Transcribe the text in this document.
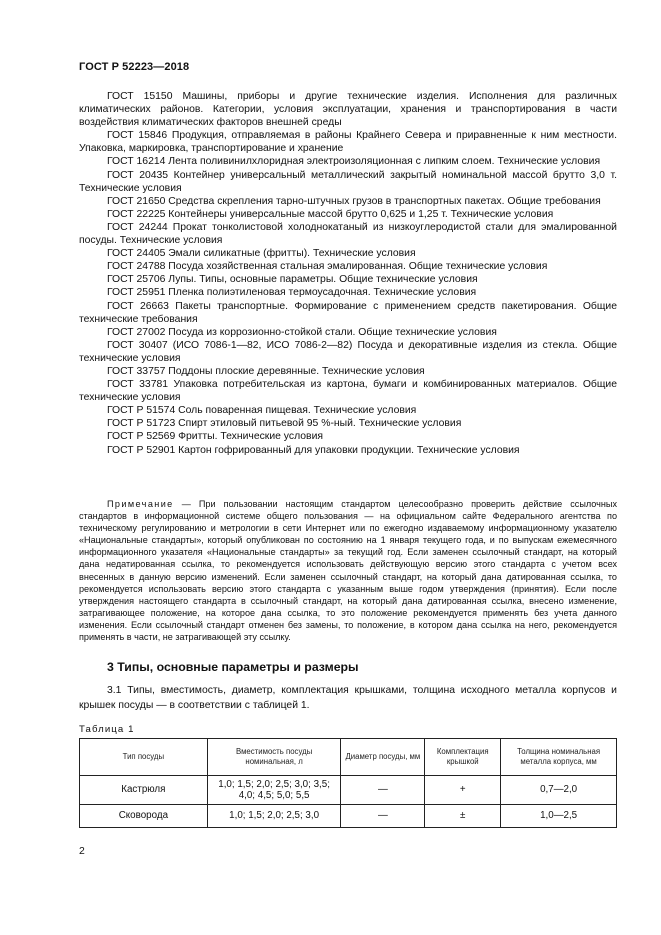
ГОСТ Р 52223—2018

ГОСТ 15150 Машины, приборы и другие технические изделия. Исполнения для различных климатических районов. Категории, условия эксплуатации, хранения и транспортирования в части воздействия климатических факторов внешней среды

ГОСТ 15846 Продукция, отправляемая в районы Крайнего Севера и приравненные к ним местности. Упаковка, маркировка, транспортирование и хранение

ГОСТ 16214 Лента поливинилхлоридная электроизоляционная с липким слоем. Технические условия

ГОСТ 20435 Контейнер универсальный металлический закрытый номинальной массой брутто 3,0 т. Технические условия

ГОСТ 21650 Средства скрепления тарно-штучных грузов в транспортных пакетах. Общие требования

ГОСТ 22225 Контейнеры универсальные массой брутто 0,625 и 1,25 т. Технические условия

ГОСТ 24244 Прокат тонколистовой холоднокатаный из низкоуглеродистой стали для эмалированной посуды. Технические условия

ГОСТ 24405 Эмали силикатные (фритты). Технические условия

ГОСТ 24788 Посуда хозяйственная стальная эмалированная. Общие технические условия

ГОСТ 25706 Лупы. Типы, основные параметры. Общие технические условия

ГОСТ 25951 Пленка полиэтиленовая термоусадочная. Технические условия

ГОСТ 26663 Пакеты транспортные. Формирование с применением средств пакетирования. Общие технические требования

ГОСТ 27002 Посуда из коррозионно-стойкой стали. Общие технические условия

ГОСТ 30407 (ИСО 7086-1—82, ИСО 7086-2—82) Посуда и декоративные изделия из стекла. Общие технические условия

ГОСТ 33757 Поддоны плоские деревянные. Технические условия

ГОСТ 33781 Упаковка потребительская из картона, бумаги и комбинированных материалов. Общие технические условия

ГОСТ Р 51574 Соль поваренная пищевая. Технические условия

ГОСТ Р 51723 Спирт этиловый питьевой 95 %-ный. Технические условия

ГОСТ Р 52569 Фритты. Технические условия

ГОСТ Р 52901 Картон гофрированный для упаковки продукции. Технические условия

Примечание — При пользовании настоящим стандартом целесообразно проверить действие ссылочных стандартов в информационной системе общего пользования — на официальном сайте Федерального агентства по техническому регулированию и метрологии в сети Интернет или по ежегодно издаваемому информационному указателю «Национальные стандарты», который опубликован по состоянию на 1 января текущего года, и по выпускам ежемесячного информационного указателя «Национальные стандарты» за текущий год. Если заменен ссылочный стандарт, на который дана недатированная ссылка, то рекомендуется использовать действующую версию этого стандарта с учетом всех внесенных в данную версию изменений. Если заменен ссылочный стандарт, на который дана датированная ссылка, то рекомендуется использовать версию этого стандарта с указанным выше годом утверждения (принятия). Если после утверждения настоящего стандарта в ссылочный стандарт, на который дана датированная ссылка, внесено изменение, затрагивающее положение, на которое дана ссылка, то это положение рекомендуется применять без учета данного изменения. Если ссылочный стандарт отменен без замены, то положение, в котором дана ссылка на него, рекомендуется применять в части, не затрагивающей эту ссылку.

3 Типы, основные параметры и размеры

3.1 Типы, вместимость, диаметр, комплектация крышками, толщина исходного металла корпусов и крышек посуды — в соответствии с таблицей 1.

Таблица 1
Тип посуды	Вместимость посуды номинальная, л	Диаметр посуды, мм	Комплектация крышкой	Толщина номинальная металла корпуса, мм
Кастрюля	1,0; 1,5; 2,0; 2,5; 3,0; 3,5; 4,0; 4,5; 5,0; 5,5	—	+	0,7—2,0
Сковорода	1,0; 1,5; 2,0; 2,5; 3,0	—	±	1,0—2,5
2
